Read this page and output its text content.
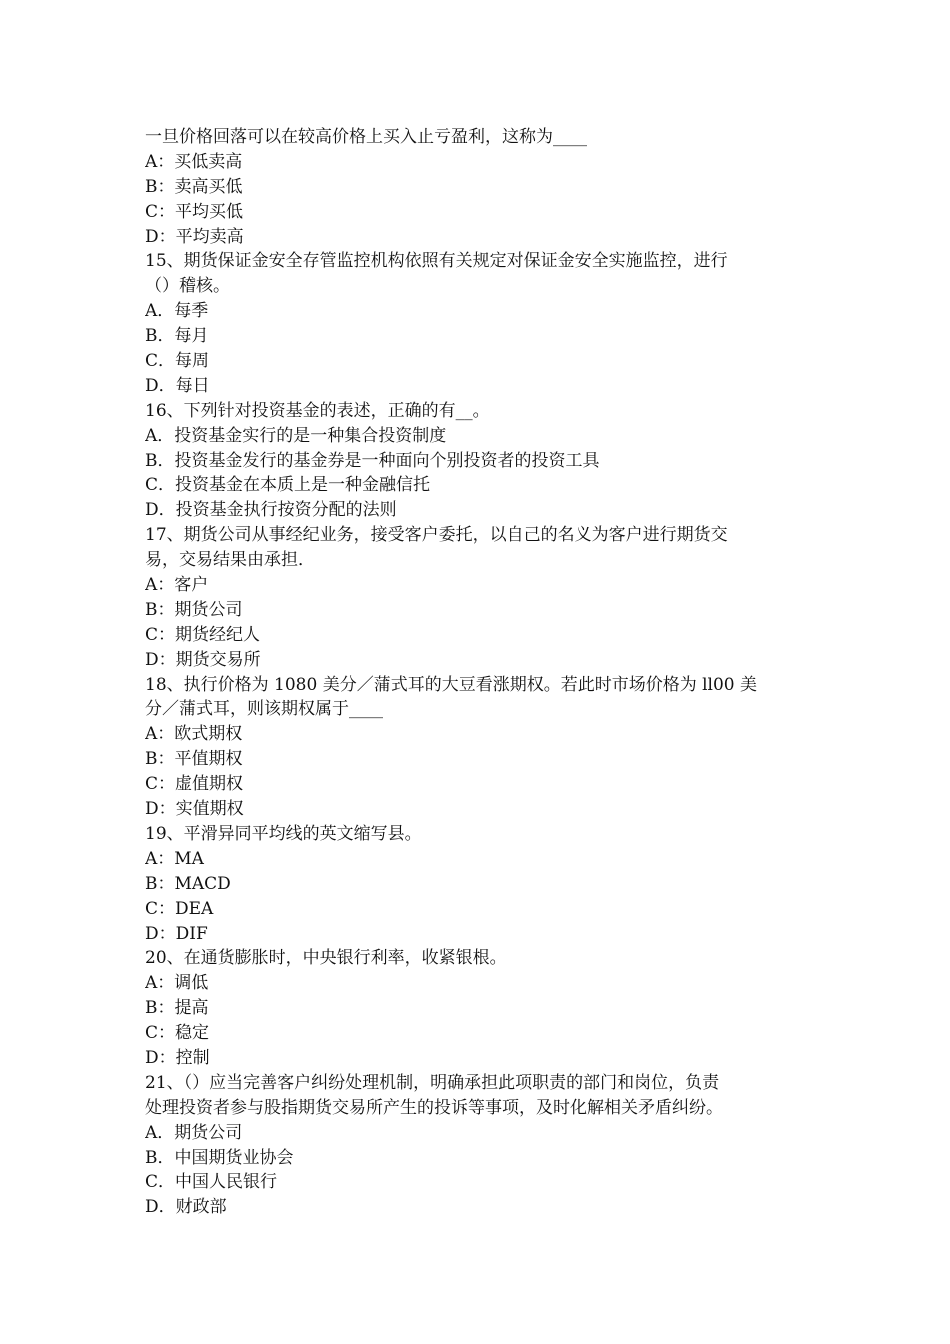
一旦价格回落可以在较高价格上买入止亏盈利，这称为____
A：买低卖高
B：卖高买低
C：平均买低
D：平均卖高
15、期货保证金安全存管监控机构依照有关规定对保证金安全实施监控，进行
（）稽核。
A．每季
B．每月
C．每周
D．每日
16、下列针对投资基金的表述，正确的有__。
A．投资基金实行的是一种集合投资制度
B．投资基金发行的基金券是一种面向个别投资者的投资工具
C．投资基金在本质上是一种金融信托
D．投资基金执行按资分配的法则
17、期货公司从事经纪业务，接受客户委托，以自己的名义为客户进行期货交
易，交易结果由承担．
A：客户
B：期货公司
C：期货经纪人
D：期货交易所
18、执行价格为 1080 美分／蒲式耳的大豆看涨期权。若此时市场价格为 ll00 美
分／蒲式耳，则该期权属于____
A：欧式期权
B：平值期权
C：虚值期权
D：实值期权
19、平滑异同平均线的英文缩写县。
A：MA
B：MACD
C：DEA
D：DIF
20、在通货膨胀时，中央银行利率，收紧银根。
A：调低
B：提高
C：稳定
D：控制
21、（）应当完善客户纠纷处理机制，明确承担此项职责的部门和岗位，负责
处理投资者参与股指期货交易所产生的投诉等事项，及时化解相关矛盾纠纷。
A．期货公司
B．中国期货业协会
C．中国人民银行
D．财政部
